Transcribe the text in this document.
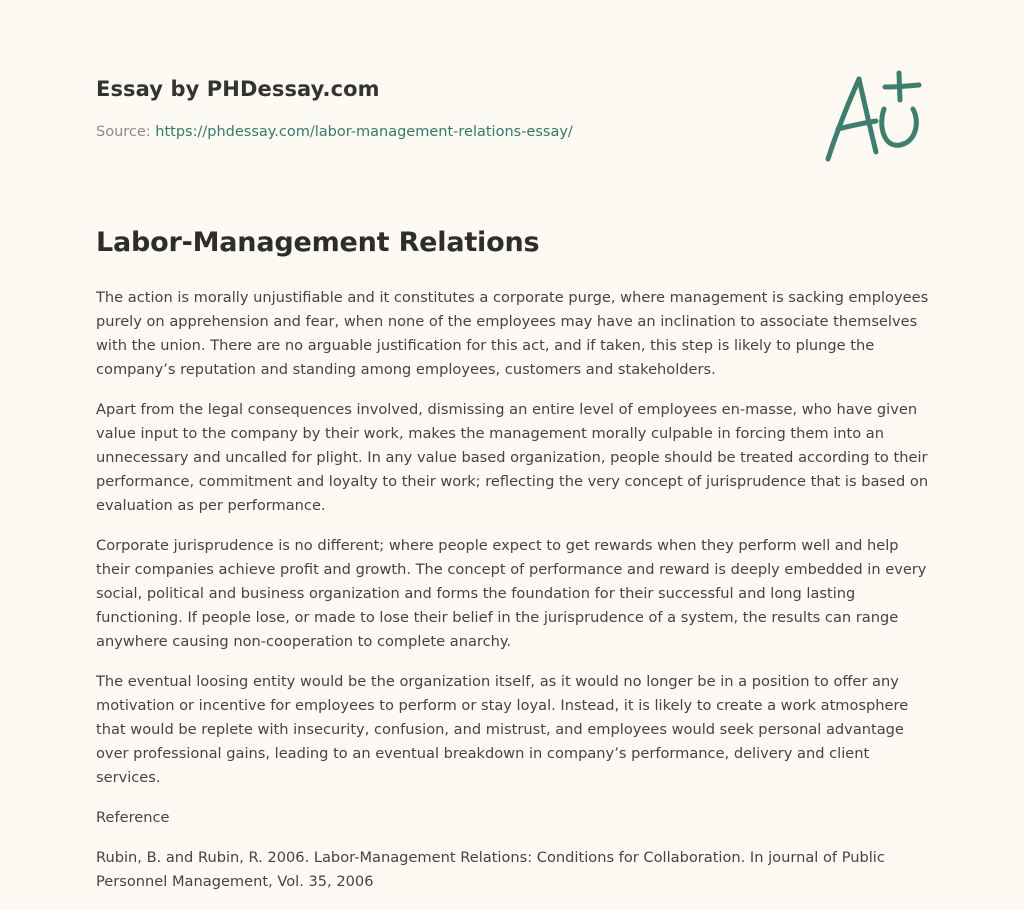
Essay by PHDessay.com
Source: https://phdessay.com/labor-management-relations-essay/
Labor-Management Relations

The action is morally unjustifiable and it constitutes a corporate purge, where management is sacking employees purely on apprehension and fear, when none of the employees may have an inclination to associate themselves with the union. There are no arguable justification for this act, and if taken, this step is likely to plunge the company’s reputation and standing among employees, customers and stakeholders.

Apart from the legal consequences involved, dismissing an entire level of employees en-masse, who have given value input to the company by their work, makes the management morally culpable in forcing them into an unnecessary and uncalled for plight. In any value based organization, people should be treated according to their performance, commitment and loyalty to their work; reflecting the very concept of jurisprudence that is based on evaluation as per performance.

Corporate jurisprudence is no different; where people expect to get rewards when they perform well and help their companies achieve profit and growth. The concept of performance and reward is deeply embedded in every social, political and business organization and forms the foundation for their successful and long lasting functioning. If people lose, or made to lose their belief in the jurisprudence of a system, the results can range anywhere causing non-cooperation to complete anarchy.

The eventual loosing entity would be the organization itself, as it would no longer be in a position to offer any motivation or incentive for employees to perform or stay loyal. Instead, it is likely to create a work atmosphere that would be replete with insecurity, confusion, and mistrust, and employees would seek personal advantage over professional gains, leading to an eventual breakdown in company’s performance, delivery and client services.

Reference

Rubin, B. and Rubin, R. 2006. Labor-Management Relations: Conditions for Collaboration. In journal of Public Personnel Management, Vol. 35, 2006
